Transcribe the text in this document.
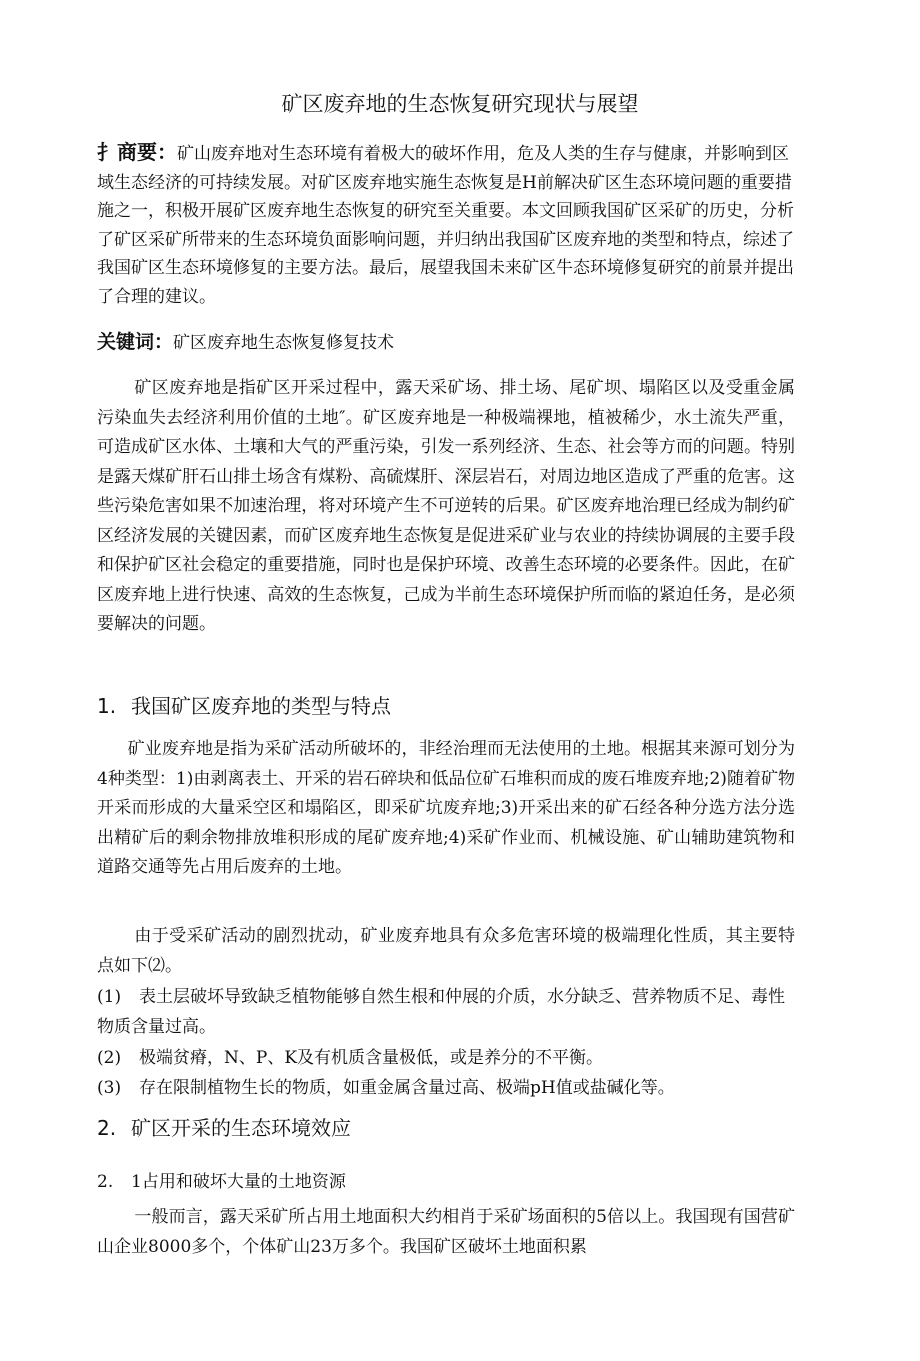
矿区废弃地的生态恢复研究现状与展望

扌商要：矿山废弃地对生态环境有着极大的破坏作用，危及人类的生存与健康，并影响到区域生态经济的可持续发展。对矿区废弃地实施生态恢复是H前解决矿区生态环境问题的重要措施之一，积极开展矿区废弃地生态恢复的研究至关重要。本文回顾我国矿区采矿的历史，分析了矿区采矿所带来的生态环境负面影响问题，并归纳出我国矿区废弃地的类型和特点，综述了我国矿区生态环境修复的主要方法。最后，展望我国未来矿区牛态环境修复研究的前景并提出了合理的建议。

关键词：矿区废弃地生态恢复修复技术

矿区废弃地是指矿区开采过程中，露天采矿场、排土场、尾矿坝、塌陷区以及受重金属污染血失去经济利用价值的土地″。矿区废弃地是一种极端裸地，植被稀少，水土流失严重，可造成矿区水体、土壤和大气的严重污染，引发一系列经济、生态、社会等方而的问题。特别是露天煤矿肝石山排土场含有煤粉、高硫煤肝、深层岩石，对周边地区造成了严重的危害。这些污染危害如果不加速治理，将对环境产生不可逆转的后果。矿区废弃地治理已经成为制约矿区经济发展的关键因素，而矿区废弃地生态恢复是促进采矿业与农业的持续协调展的主要手段和保护矿区社会稳定的重要措施，同时也是保护环境、改善生态环境的必要条件。因此，在矿区废弃地上进行快速、高效的生态恢复，己成为半前生态环境保护所而临的紧迫任务，是必须要解决的问题。

1. 我国矿区废弃地的类型与特点

矿业废弃地是指为采矿活动所破坏的，非经治理而无法使用的土地。根据其来源可划分为4种类型：1)由剥离表土、开采的岩石碎块和低品位矿石堆积而成的废石堆废弃地;2)随着矿物开采而形成的大量采空区和塌陷区，即采矿坑废弃地;3)开采出来的矿石经各种分选方法分选出精矿后的剩余物排放堆积形成的尾矿废弃地;4)采矿作业而、机械设施、矿山辅助建筑物和道路交通等先占用后废弃的土地。

由于受采矿活动的剧烈扰动，矿业废弃地具有众多危害环境的极端理化性质，其主要特点如下⑵。

(1) 表土层破坏导致缺乏植物能够自然生根和仲展的介质，水分缺乏、营养物质不足、毒性物质含量过高。

(2) 极端贫瘠，N、P、K及有机质含量极低，或是养分的不平衡。

(3) 存在限制植物生长的物质，如重金属含量过高、极端pH值或盐碱化等。

2. 矿区开采的生态环境效应

2. 1占用和破坏大量的土地资源

一般而言，露天采矿所占用土地面积大约相肖于采矿场面积的5倍以上。我国现有国营矿山企业8000多个，个体矿山23万多个。我国矿区破坏土地面积累
